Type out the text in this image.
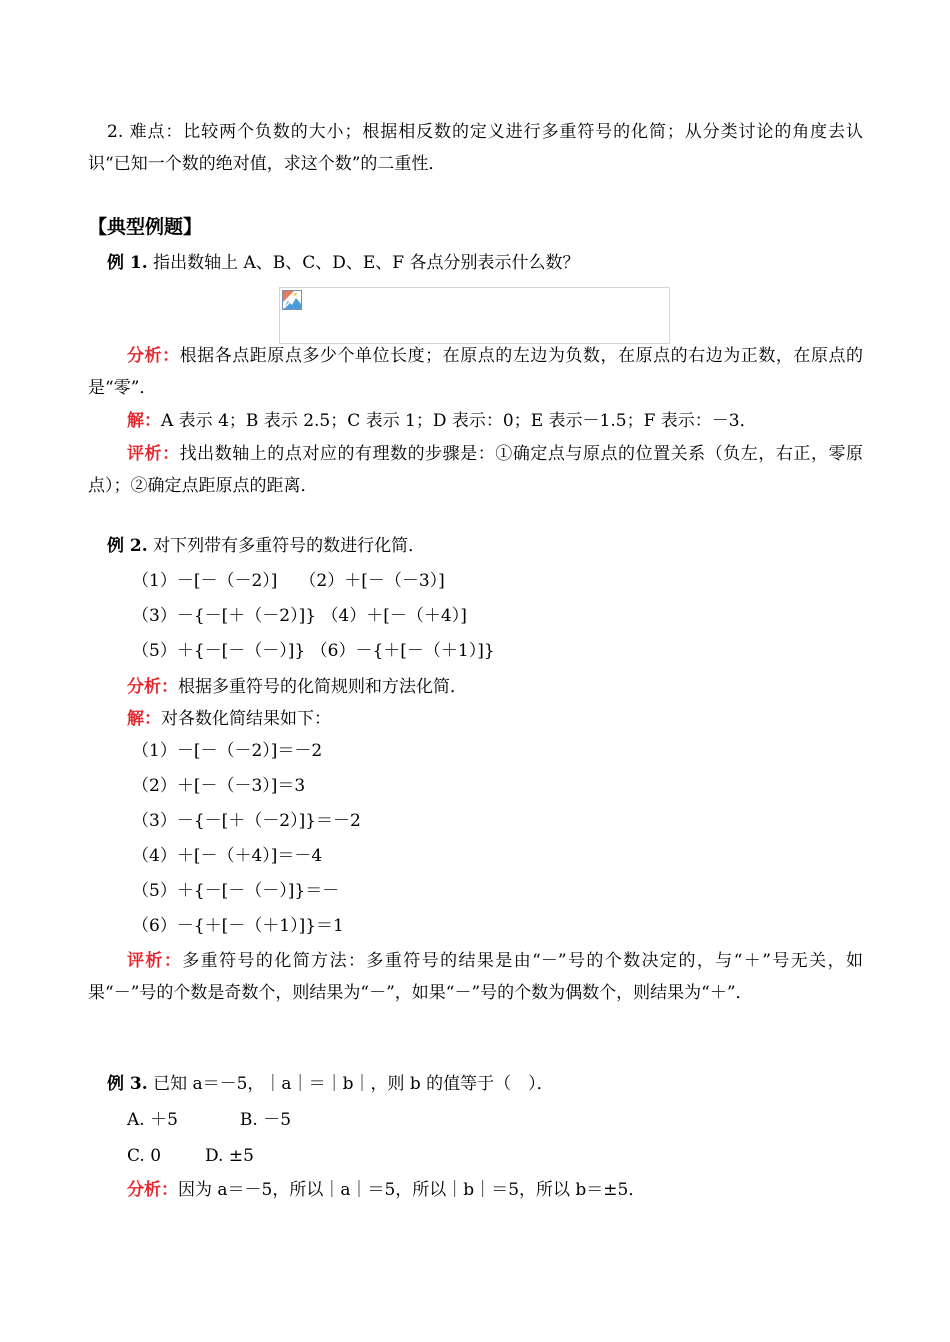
2. 难点：比较两个负数的大小；根据相反数的定义进行多重符号的化简；从分类讨论的角度去认识“已知一个数的绝对值，求这个数”的二重性．
【典型例题】
例 1. 指出数轴上 A、B、C、D、E、F 各点分别表示什么数？
分析：根据各点距原点多少个单位长度；在原点的左边为负数，在原点的右边为正数，在原点的是“零”．
解：A 表示 4；B 表示 2.5；C 表示 1；D 表示：0；E 表示－1.5；F 表示：－3．
评析：找出数轴上的点对应的有理数的步骤是：①确定点与原点的位置关系（负左，右正，零原点）；②确定点距原点的距离．
例 2. 对下列带有多重符号的数进行化简．
（1）－[－（－2）] （2）＋[－（－3）]
（3）－{－[＋（－2）]} （4）＋[－（＋4）]
（5）＋{－[－（－）]} （6）－{＋[－（＋1）]}
分析：根据多重符号的化简规则和方法化简．
解：对各数化简结果如下：
（1）－[－（－2）]＝－2
（2）＋[－（－3）]＝3
（3）－{－[＋（－2）]}＝－2
（4）＋[－（＋4）]＝－4
（5）＋{－[－（－）]}＝－
（6）－{＋[－（＋1）]}＝1
评析：多重符号的化简方法：多重符号的结果是由“－”号的个数决定的，与“＋”号无关，如果“－”号的个数是奇数个，则结果为“－”，如果“－”号的个数为偶数个，则结果为“＋”．
例 3. 已知 a＝－5，｜a｜＝｜b｜，则 b 的值等于（　）．
A. ＋5	B. －5
C. 0	D. ±5
分析：因为 a＝－5，所以｜a｜＝5，所以｜b｜＝5，所以 b＝±5．
